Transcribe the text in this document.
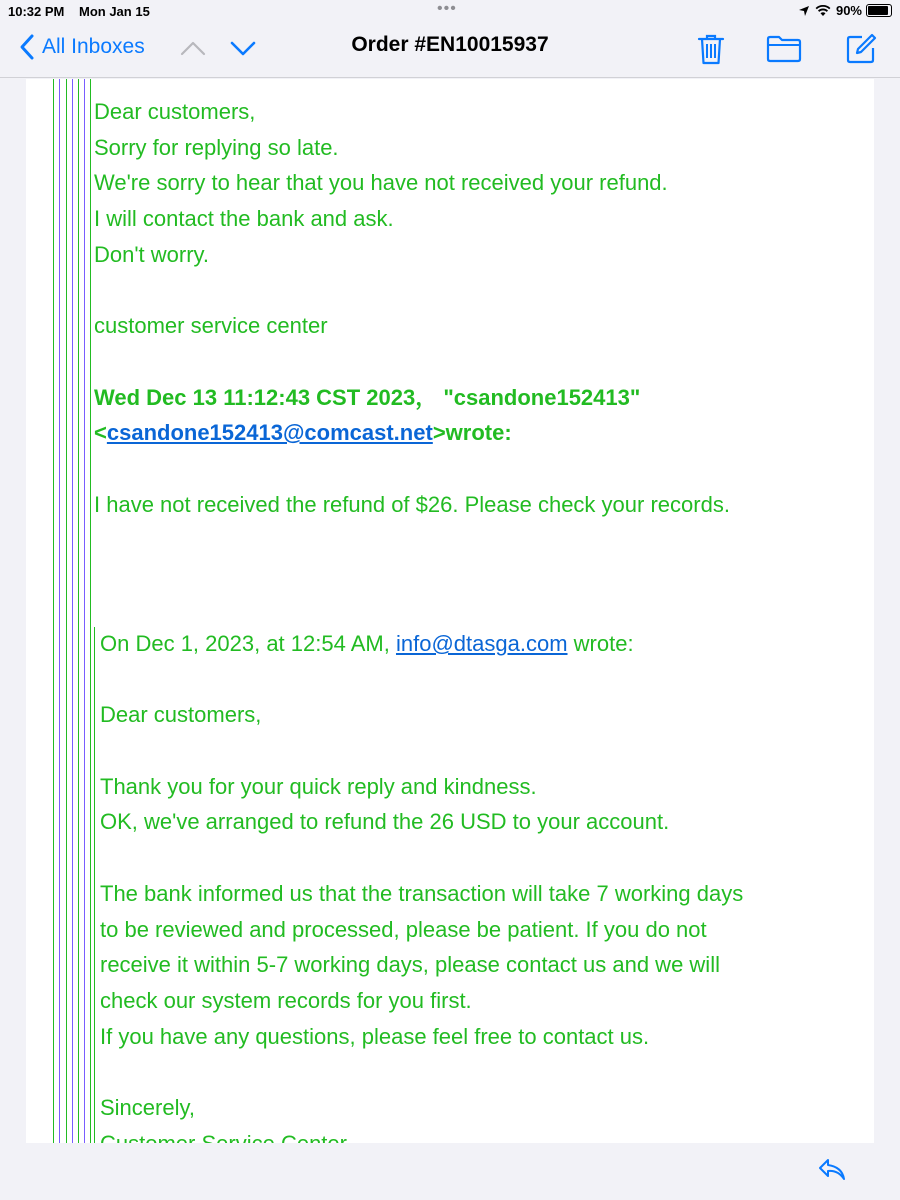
10:32 PM Mon Jan 15	•••	90%
All Inboxes	Order #EN10015937

Dear customers,

Sorry for replying so late.

We're sorry to hear that you have not received your refund.

I will contact the bank and ask.

Don't worry.

customer service center

Wed Dec 13 11:12:43 CST 2023， "csandone152413"

<csandone152413@comcast.net>wrote:

I have not received the refund of $26. Please check your records.

On Dec 1, 2023, at 12:54 AM, info@dtasga.com wrote:

Dear customers,

Thank you for your quick reply and kindness.

OK, we've arranged to refund the 26 USD to your account.

The bank informed us that the transaction will take 7 working days

to be reviewed and processed, please be patient. If you do not

receive it within 5-7 working days, please contact us and we will

check our system records for you first.

If you have any questions, please feel free to contact us.

Sincerely,
